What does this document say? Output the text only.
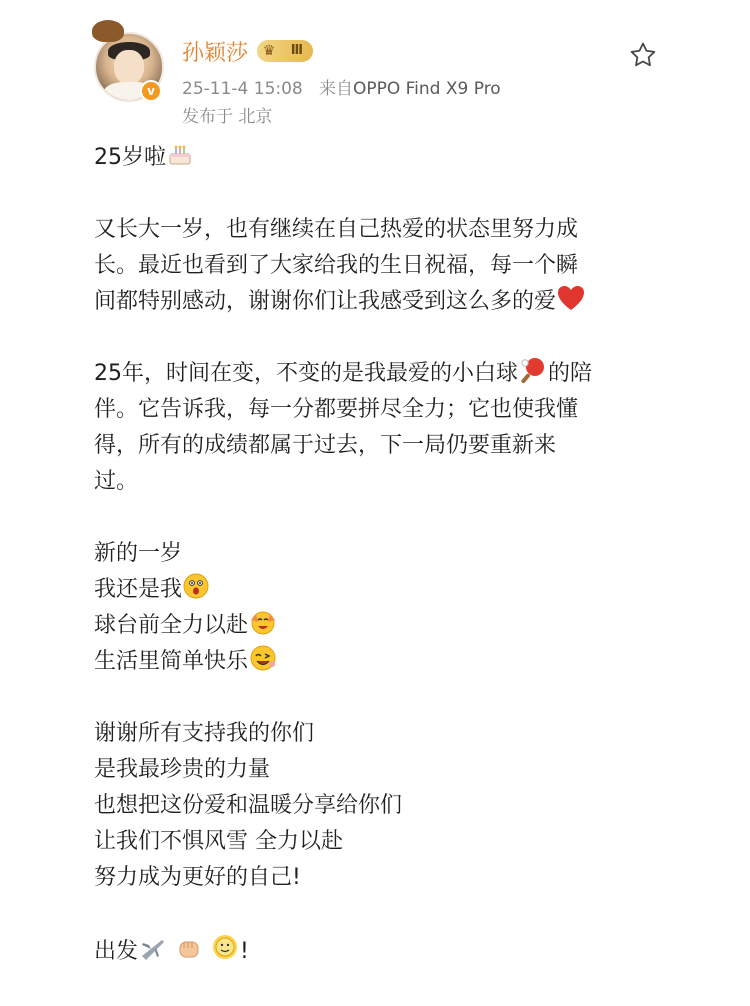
v
孙颖莎 ♛ Ⅲ
25-11-4 15:08 来自OPPO Find X9 Pro
发布于 北京
25岁啦
又长大一岁，也有继续在自己热爱的状态里努力成
长。最近也看到了大家给我的生日祝福，每一个瞬
间都特别感动，谢谢你们让我感受到这么多的爱
25年，时间在变，不变的是我最爱的小白球 的陪
伴。它告诉我，每一分都要拼尽全力；它也使我懂
得，所有的成绩都属于过去，下一局仍要重新来
过。
新的一岁
我还是我
球台前全力以赴
生活里简单快乐
谢谢所有支持我的你们
是我最珍贵的力量
也想把这份爱和温暖分享给你们
让我们不惧风雪 全力以赴
努力成为更好的自己!
出发

	!
